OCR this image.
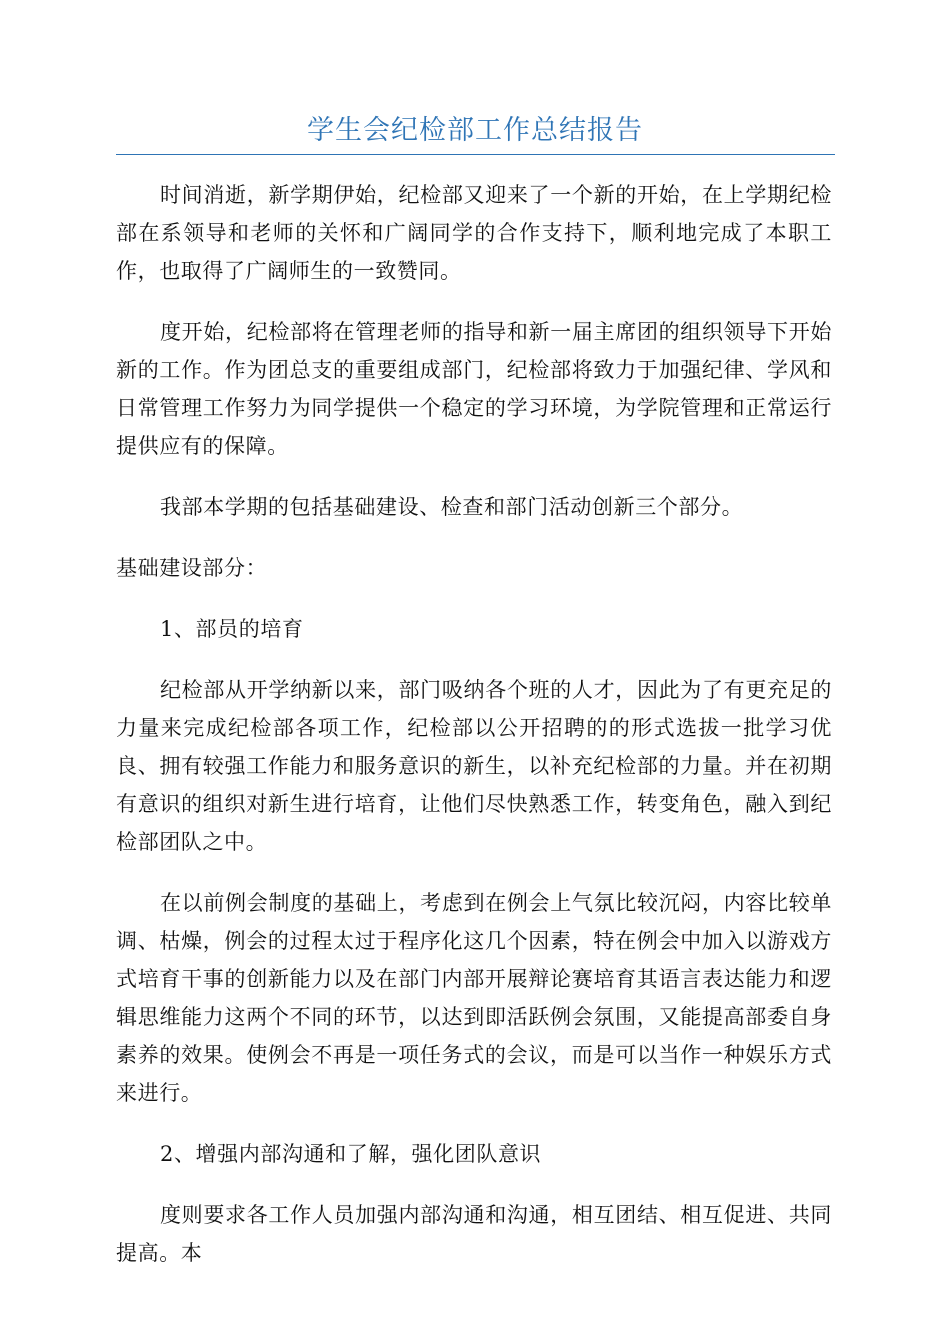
学生会纪检部工作总结报告

时间消逝，新学期伊始，纪检部又迎来了一个新的开始，在上学期纪检部在系领导和老师的关怀和广阔同学的合作支持下，顺利地完成了本职工作，也取得了广阔师生的一致赞同。

度开始，纪检部将在管理老师的指导和新一届主席团的组织领导下开始新的工作。作为团总支的重要组成部门，纪检部将致力于加强纪律、学风和日常管理工作努力为同学提供一个稳定的学习环境，为学院管理和正常运行提供应有的保障。

我部本学期的包括基础建设、检查和部门活动创新三个部分。

基础建设部分：

1、部员的培育

纪检部从开学纳新以来，部门吸纳各个班的人才，因此为了有更充足的力量来完成纪检部各项工作，纪检部以公开招聘的的形式选拔一批学习优良、拥有较强工作能力和服务意识的新生，以补充纪检部的力量。并在初期有意识的组织对新生进行培育，让他们尽快熟悉工作，转变角色，融入到纪检部团队之中。

在以前例会制度的基础上，考虑到在例会上气氛比较沉闷，内容比较单调、枯燥，例会的过程太过于程序化这几个因素，特在例会中加入以游戏方式培育干事的创新能力以及在部门内部开展辩论赛培育其语言表达能力和逻辑思维能力这两个不同的环节，以达到即活跃例会氛围，又能提高部委自身素养的效果。使例会不再是一项任务式的会议，而是可以当作一种娱乐方式来进行。

2、增强内部沟通和了解，强化团队意识

度则要求各工作人员加强内部沟通和沟通，相互团结、相互促进、共同提高。本
